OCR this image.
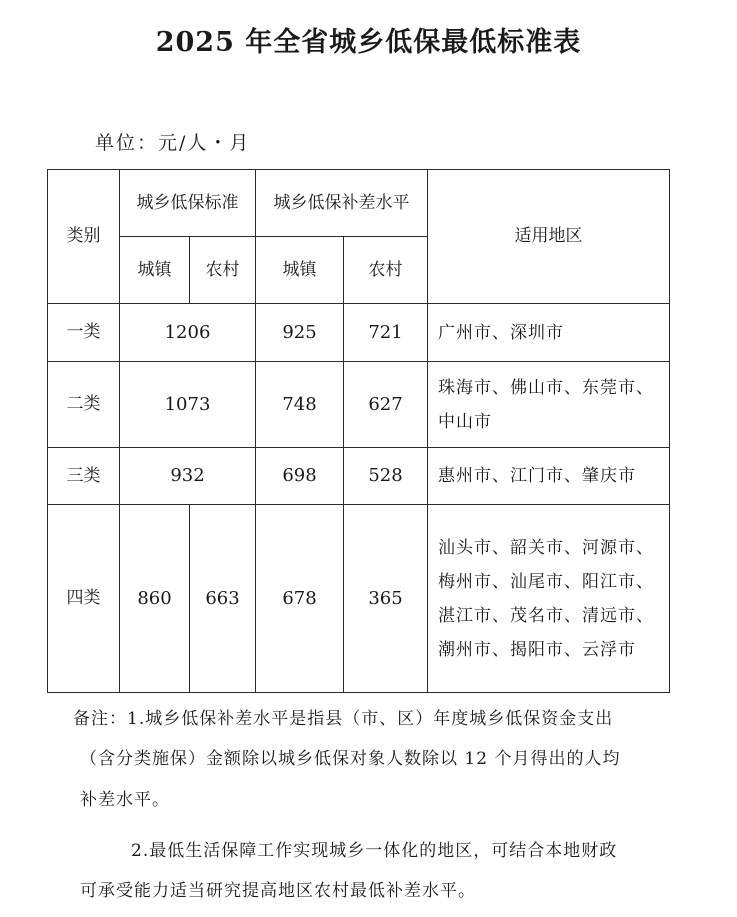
2025 年全省城乡低保最低标准表
单位：元/人・月
类别	城乡低保标准		城乡低保补差水平		适用地区
	城镇	农村	城镇	农村	
一类	1206		925	721	广州市、深圳市

二类	1073		748	627	珠海市、佛山市、东莞市、
中山市

三类	932		698	528	惠州市、江门市、肇庆市

四类	860	663	678	365	汕头市、韶关市、河源市、
梅州市、汕尾市、阳江市、
湛江市、茂名市、清远市、
潮州市、揭阳市、云浮市
备注：1.城乡低保补差水平是指县（市、区）年度城乡低保资金支出
（含分类施保）金额除以城乡低保对象人数除以 12 个月得出的人均
补差水平。
2.最低生活保障工作实现城乡一体化的地区，可结合本地财政
可承受能力适当研究提高地区农村最低补差水平。
